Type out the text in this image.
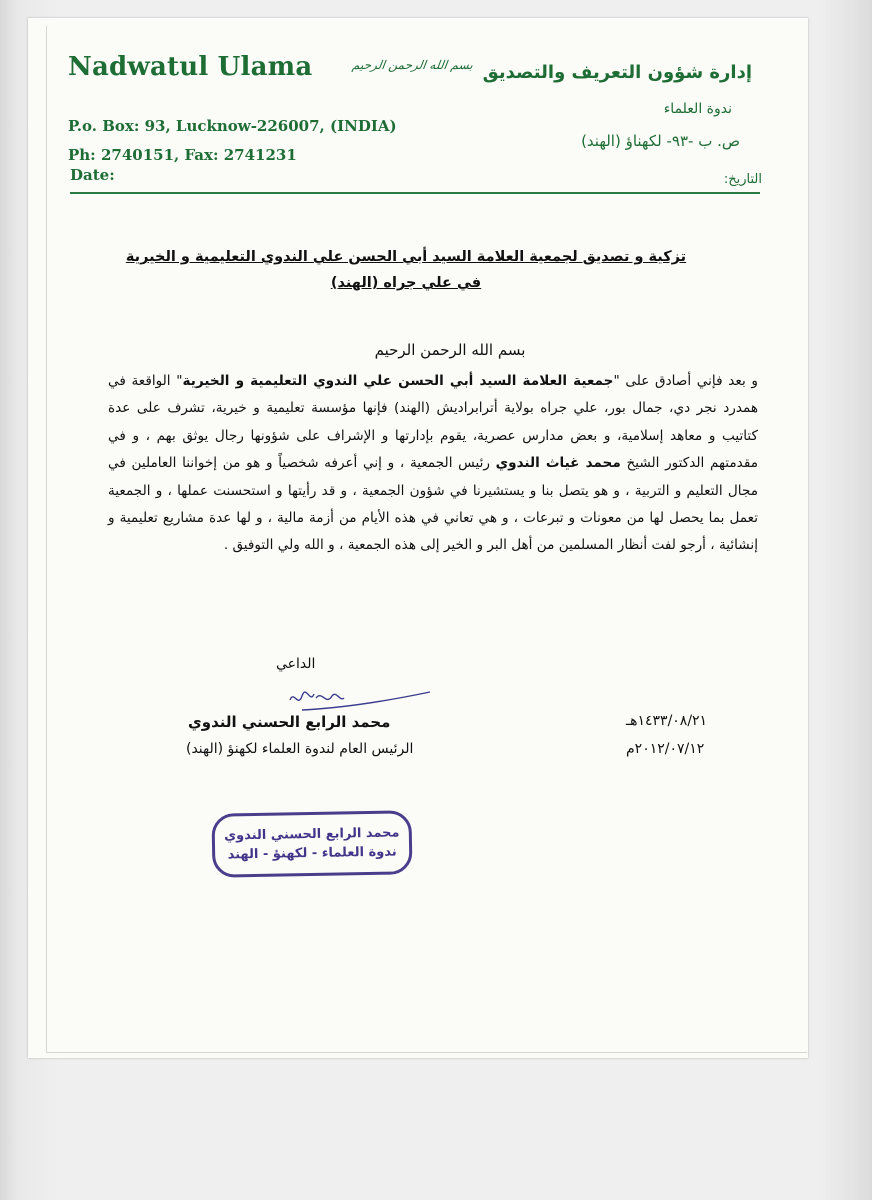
Nadwatul Ulama
P.o. Box: 93, Lucknow-226007, (INDIA)
Ph: 2740151, Fax: 2741231
Date:
بسم الله الرحمن الرحيم إدارة شؤون التعريف والتصديق
ندوة العلماء
ص. ب -٩٣- لكهناؤ (الهند)
التاريخ:
تزكية و تصديق لجمعية العلامة السيد أبي الحسن علي الندوي التعليمية و الخيرية
في علي جراه (الهند)
بسم الله الرحمن الرحيم

و بعد فإني أصادق على "جمعية العلامة السيد أبي الحسن علي الندوي التعليمية و الخيرية" الواقعة في همدرد نجر دي، جمال بور، علي جراه بولاية أترابراديش (الهند) فإنها مؤسسة تعليمية و خيرية، تشرف على عدة كتاتيب و معاهد إسلامية، و بعض مدارس عصرية، يقوم بإدارتها و الإشراف على شؤونها رجال يوثق بهم ، و في مقدمتهم الدكتور الشيخ محمد غياث الندوي رئيس الجمعية ، و إني أعرفه شخصياً و هو من إخواننا العاملين في مجال التعليم و التربية ، و هو يتصل بنا و يستشيرنا في شؤون الجمعية ، و قد رأيتها و استحسنت عملها ، و الجمعية تعمل بما يحصل لها من معونات و تبرعات ، و هي تعاني في هذه الأيام من أزمة مالية ، و لها عدة مشاريع تعليمية و إنشائية ، أرجو لفت أنظار المسلمين من أهل البر و الخير إلى هذه الجمعية ، و الله ولي التوفيق .

الداعي
محمد الرابع الحسني الندوي
الرئيس العام لندوة العلماء لكهنؤ (الهند)
١٤٣٣/٠٨/٢١هـ
٢٠١٢/٠٧/١٢م
محمد الرابع الحسني الندوي
ندوة العلماء - لكهنؤ - الهند
